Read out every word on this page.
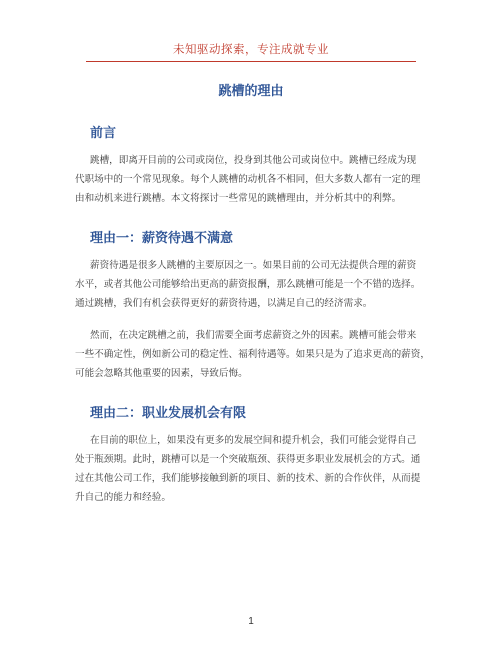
未知驱动探索，专注成就专业
跳槽的理由
前言
跳槽，即离开目前的公司或岗位，投身到其他公司或岗位中。跳槽已经成为现
代职场中的一个常见现象。每个人跳槽的动机各不相同，但大多数人都有一定的理
由和动机来进行跳槽。本文将探讨一些常见的跳槽理由，并分析其中的利弊。
理由一：薪资待遇不满意
薪资待遇是很多人跳槽的主要原因之一。如果目前的公司无法提供合理的薪资
水平，或者其他公司能够给出更高的薪资报酬，那么跳槽可能是一个不错的选择。
通过跳槽，我们有机会获得更好的薪资待遇，以满足自己的经济需求。
然而，在决定跳槽之前，我们需要全面考虑薪资之外的因素。跳槽可能会带来
一些不确定性，例如新公司的稳定性、福利待遇等。如果只是为了追求更高的薪资，
可能会忽略其他重要的因素，导致后悔。
理由二：职业发展机会有限
在目前的职位上，如果没有更多的发展空间和提升机会，我们可能会觉得自己
处于瓶颈期。此时，跳槽可以是一个突破瓶颈、获得更多职业发展机会的方式。通
过在其他公司工作，我们能够接触到新的项目、新的技术、新的合作伙伴，从而提
升自己的能力和经验。
1
